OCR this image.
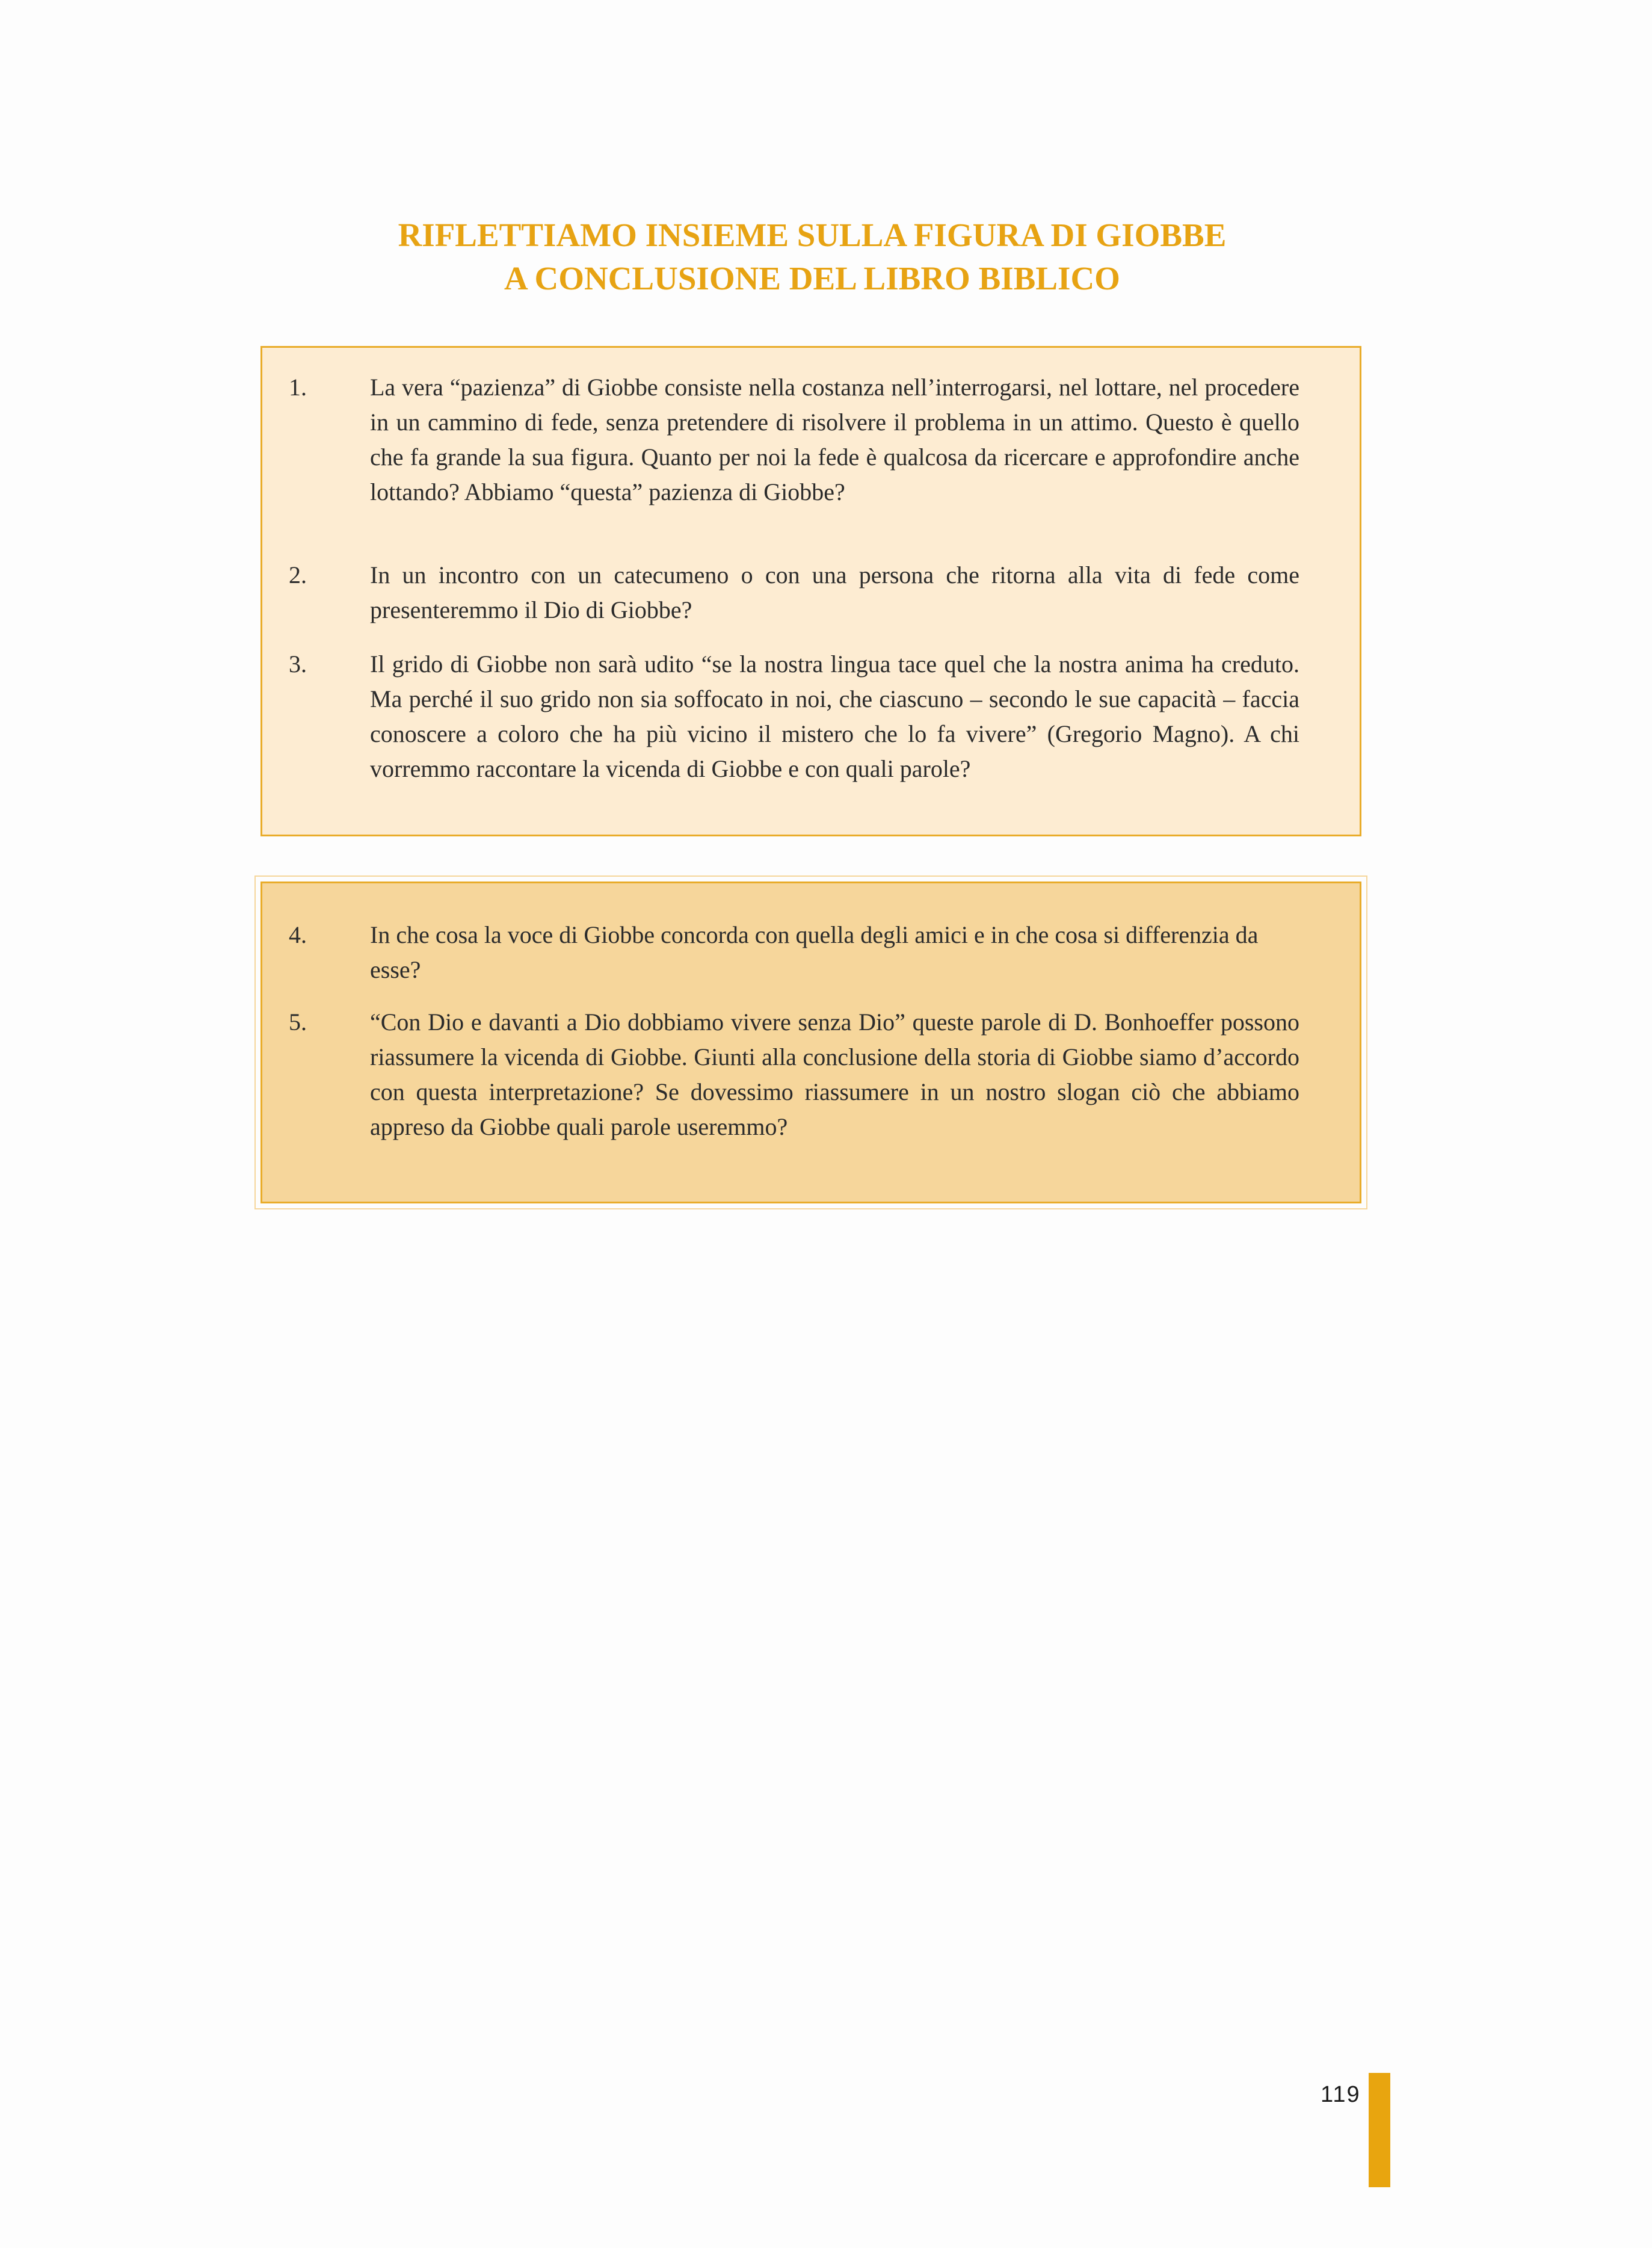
RIFLETTIAMO INSIEME SULLA FIGURA DI GIOBBE
A CONCLUSIONE DEL LIBRO BIBLICO
1.	La vera “pazienza” di Giobbe consiste nella costanza nell’interrogarsi, nel lottare, nel procedere in un cammino di fede, senza pretendere di risolvere il problema in un attimo. Questo è quello che fa grande la sua figura. Quanto per noi la fede è qualcosa da ricercare e approfondire anche lottando? Abbiamo “questa” pazienza di Giobbe?
2.	In un incontro con un catecumeno o con una persona che ritorna alla vita di fede come presenteremmo il Dio di Giobbe?
3.	Il grido di Giobbe non sarà udito “se la nostra lingua tace quel che la nostra anima ha creduto. Ma perché il suo grido non sia soffocato in noi, che ciascuno – secondo le sue capacità – faccia conoscere a coloro che ha più vicino il mistero che lo fa vivere” (Gregorio Magno). A chi vorremmo raccontare la vicenda di Giobbe e con quali parole?
4.	In che cosa la voce di Giobbe concorda con quella degli amici e in che cosa si differenzia da esse?
5.	“Con Dio e davanti a Dio dobbiamo vivere senza Dio” queste parole di D. Bonhoeffer possono riassumere la vicenda di Giobbe. Giunti alla conclusione della storia di Giobbe siamo d’accordo con questa interpretazione? Se dovessimo riassumere in un nostro slogan ciò che abbiamo appreso da Giobbe quali parole useremmo?
119
